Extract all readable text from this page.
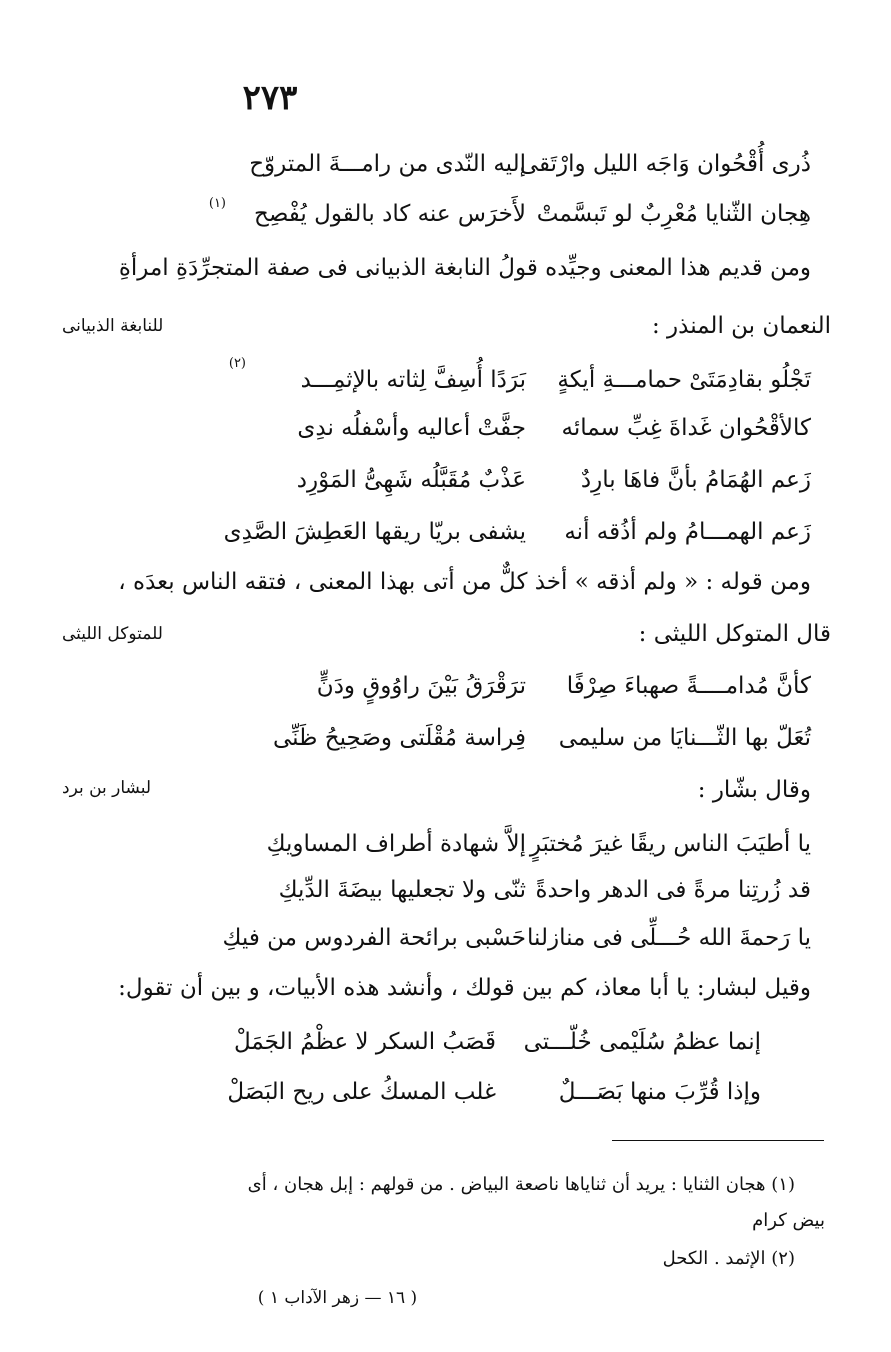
٢٧٣
ذُرى أُقْحُوان وَاجَه الليل وارْتَقى
إليه النّدى من رامـــةَ المتروّح
هِجان الثّنايا مُعْرِبٌ لو تَبسَّمتْ
لأَخرَس عنه كاد بالقول يُفْصِح
(١)
ومن قديم هذا المعنى وجيِّده قولُ النابغة الذبيانى فى صفة المتجرِّدَةِ امرأةِ
النعمان بن المنذر :
للنابغة الذبيانى
تَجْلُو بقادِمَتَىْ حمامـــةِ أيكةٍ
بَرَدًا أُسِفَّ لِثاته بالإثمِـــد
(٢)
كالأقْحُوان غَداةَ غِبِّ سمائه
جفَّتْ أعاليه وأسْفلُه ندِى
زَعم الهُمَامُ بأنَّ فاهَا بارِدٌ
عَذْبٌ مُقَبَّلُه شَهِىُّ المَوْرِد
زَعم الهمـــامُ ولم أذُقه أنه
يشفى بريّا ريقها العَطِشَ الصَّدِى
ومن قوله : « ولم أذقه » أخذ كلٌّ من أتى بهذا المعنى ، فتقه الناس بعدَه ،
قال المتوكل الليثى :
للمتوكل الليثى
كأنَّ مُدامــــةً صهباءَ صِرْفًا
ترَقْرَقُ بَيْنَ راوُوقٍ ودَنٍّ
تُعَلّ بها الثّـــنايَا من سليمى
فِراسة مُقْلَتى وصَحِيحُ ظَنِّى
وقال بشّار :
لبشار بن برد
يا أطيَبَ الناس ريقًا غيرَ مُختبَرٍ
إلاَّ شهادة أطراف المساويكِ
قد زُرتِنا مرةً فى الدهر واحدةً
ثنّى ولا تجعليها بيضَةَ الدِّيكِ
يا رَحمةَ الله حُـــلِّى فى منازلنا
حَسْبى برائحة الفردوس من فيكِ
وقيل لبشار: يا أبا معاذ، كم بين قولك ، وأنشد هذه الأبيات، و بين أن تقول:
إنما عظمُ سُلَيْمى خُلّـــتى
قَصَبُ السكر لا عظْمُ الجَمَلْ
وإذا قُرِّبَ منها بَصَـــلٌ
غلب المسكُ على ريح البَصَلْ
(١) هجان الثنايا : يريد أن ثناياها ناصعة البياض . من قولهم : إبل هجان ، أى
بيض كرام
(٢) الإثمد . الكحل
( ١٦ — زهر الآداب ١ )
